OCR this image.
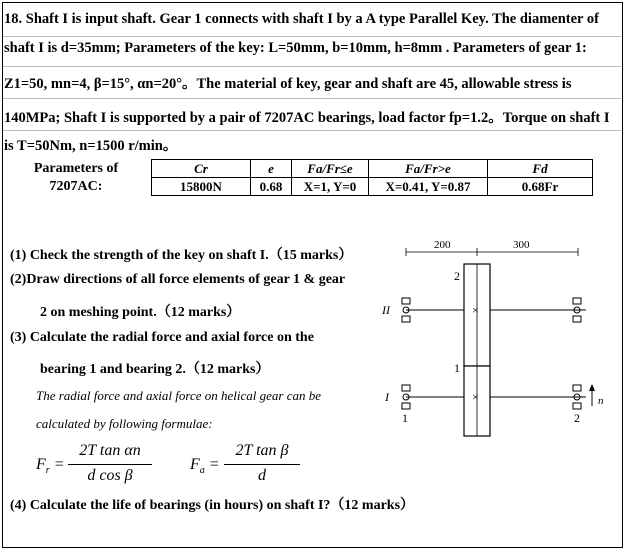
18. Shaft I is input shaft. Gear 1 connects with shaft I by a A type Parallel Key. The diamenter of
shaft I is d=35mm; Parameters of the key: L=50mm, b=10mm, h=8mm . Parameters of gear 1:
Z1=50, mn=4, β=15°, αn=20°。The material of key, gear and shaft are 45, allowable stress is
140MPa; Shaft I is supported by a pair of 7207AC bearings, load factor fp=1.2。Torque on shaft I
is T=50Nm, n=1500 r/min。
Parameters of
7207AC:
Cr	e	Fa/Fr≤e	Fa/Fr>e	Fd
15800N	0.68	X=1, Y=0	X=0.41, Y=0.87	0.68Fr
(1) Check the strength of the key on shaft I.（15 marks）
(2)Draw directions of all force elements of gear 1 & gear
2 on meshing point.（12 marks）
(3) Calculate the radial force and axial force on the
bearing 1 and bearing 2.（12 marks）
The radial force and axial force on helical gear can be
calculated by following formulae:
$F_r$ =
2T tan αn
d cos β
$F_a$ =
2T tan β
d
(4) Calculate the life of bearings (in hours) on shaft I?（12 marks）
200	300
II
I
2
1
×
×
1	2
n
